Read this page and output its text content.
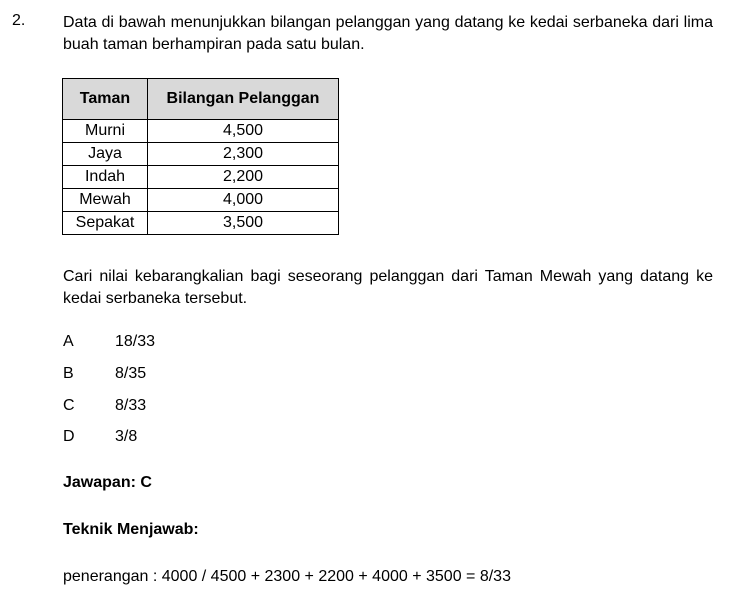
2.	Data di bawah menunjukkan bilangan pelanggan yang datang ke kedai serbaneka dari lima buah taman berhampiran pada satu bulan.
Taman	Bilangan Pelanggan
Murni	4,500
Jaya	2,300
Indah	2,200
Mewah	4,000
Sepakat	3,500
Cari nilai kebarangkalian bagi seseorang pelanggan dari Taman Mewah yang datang ke kedai serbaneka tersebut.
A	18/33
B	8/35
C	8/33
D	3/8
Jawapan: C
Teknik Menjawab:
penerangan : 4000 / 4500 + 2300 + 2200 + 4000 + 3500 = 8/33
